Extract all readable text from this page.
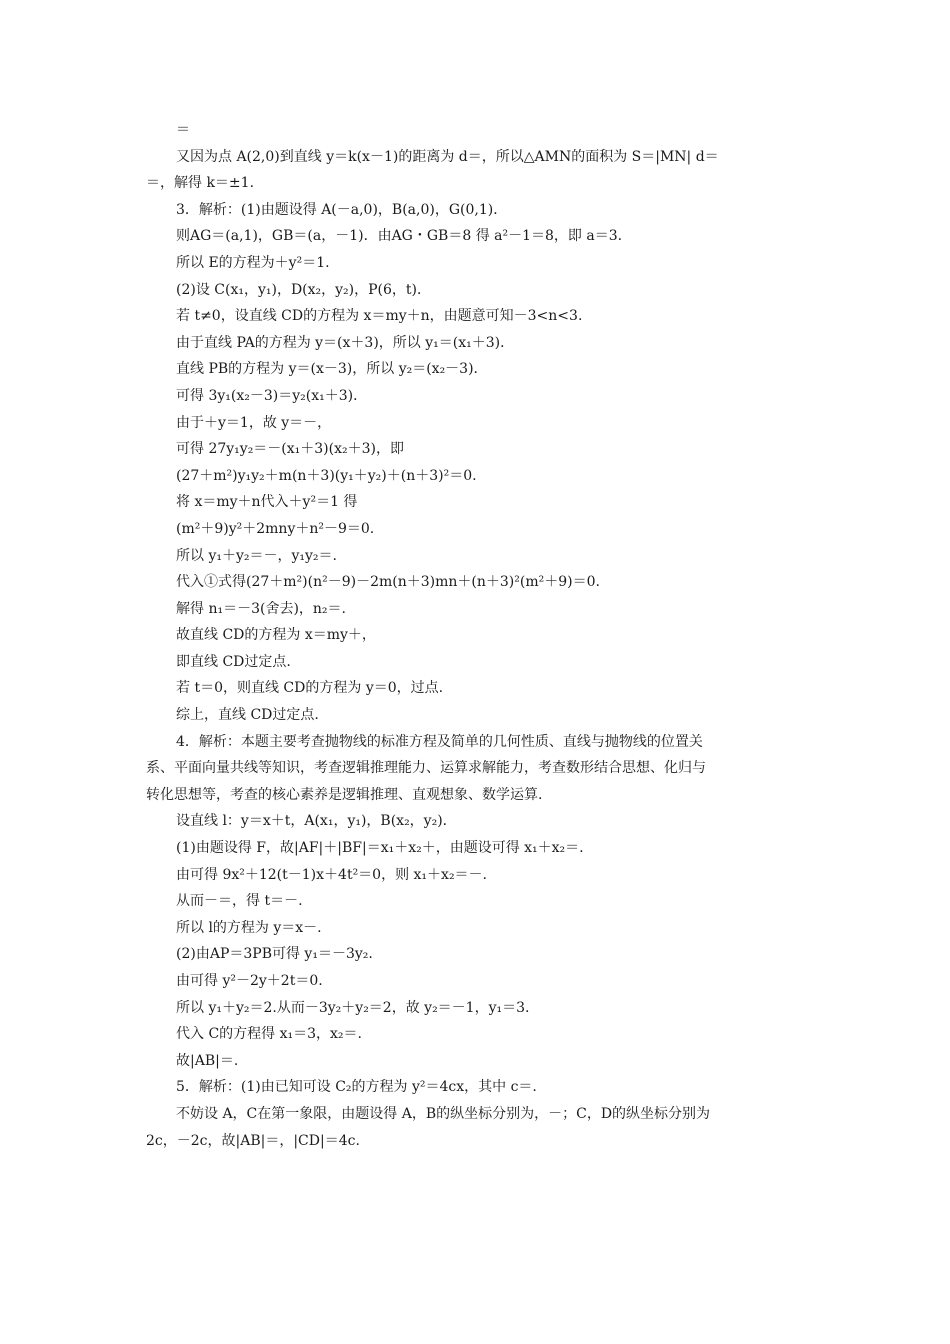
＝
又因为点 A(2,0)到直线 y＝k(x－1)的距离为 d＝，所以△AMN的面积为 S＝|MN| d＝
＝，解得 k＝±1.
3．解析：(1)由题设得 A(－a,0)，B(a,0)，G(0,1)．
则AG＝(a,1)，GB＝(a，－1)．由AG・GB＝8 得 a²－1＝8，即 a＝3.
所以 E的方程为＋y²＝1.
(2)设 C(x₁，y₁)，D(x₂，y₂)，P(6，t)．
若 t≠0，设直线 CD的方程为 x＝my＋n，由题意可知－3<n<3.
由于直线 PA的方程为 y＝(x＋3)，所以 y₁＝(x₁＋3)．
直线 PB的方程为 y＝(x－3)，所以 y₂＝(x₂－3)．
可得 3y₁(x₂－3)＝y₂(x₁＋3)．
由于＋y＝1，故 y＝－，
可得 27y₁y₂＝－(x₁＋3)(x₂＋3)，即
(27＋m²)y₁y₂＋m(n＋3)(y₁＋y₂)＋(n＋3)²＝0.
将 x＝my＋n代入＋y²＝1 得
(m²＋9)y²＋2mny＋n²－9＝0.
所以 y₁＋y₂＝－，y₁y₂＝.
代入①式得(27＋m²)(n²－9)－2m(n＋3)mn＋(n＋3)²(m²＋9)＝0.
解得 n₁＝－3(舍去)，n₂＝.
故直线 CD的方程为 x＝my＋，
即直线 CD过定点.
若 t＝0，则直线 CD的方程为 y＝0，过点.
综上，直线 CD过定点.
4．解析：本题主要考查抛物线的标准方程及简单的几何性质、直线与抛物线的位置关
系、平面向量共线等知识，考查逻辑推理能力、运算求解能力，考查数形结合思想、化归与
转化思想等，考查的核心素养是逻辑推理、直观想象、数学运算.
设直线 l：y＝x＋t，A(x₁，y₁)，B(x₂，y₂)．
(1)由题设得 F，故|AF|＋|BF|＝x₁＋x₂＋，由题设可得 x₁＋x₂＝.
由可得 9x²＋12(t－1)x＋4t²＝0，则 x₁＋x₂＝－.
从而－＝，得 t＝－.
所以 l的方程为 y＝x－.
(2)由AP＝3PB可得 y₁＝－3y₂.
由可得 y²－2y＋2t＝0.
所以 y₁＋y₂＝2.从而－3y₂＋y₂＝2，故 y₂＝－1，y₁＝3.
代入 C的方程得 x₁＝3，x₂＝.
故|AB|＝.
5．解析：(1)由已知可设 C₂的方程为 y²＝4cx，其中 c＝.
不妨设 A，C在第一象限，由题设得 A，B的纵坐标分别为，－；C，D的纵坐标分别为
2c，－2c，故|AB|＝，|CD|＝4c.
